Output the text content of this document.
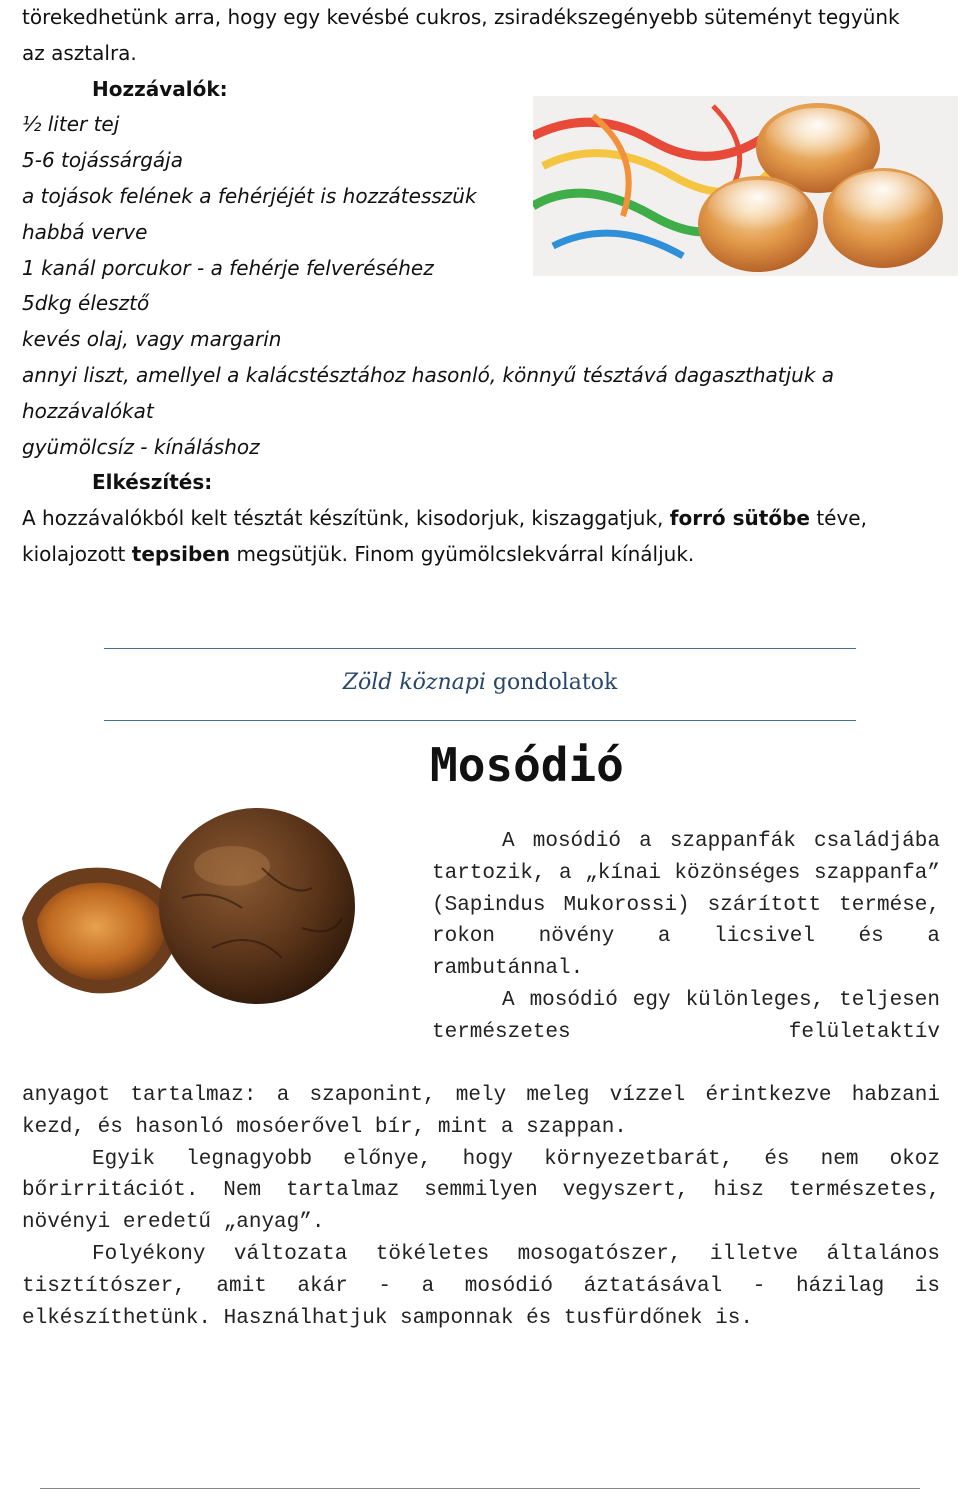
törekedhetünk arra, hogy egy kevésbé cukros, zsiradékszegényebb süteményt tegyünk

az asztalra.

Hozzávalók:

½ liter tej

5-6 tojássárgája

a tojások felének a fehérjéjét is hozzátesszük

habbá verve

1 kanál porcukor - a fehérje felveréséhez

5dkg élesztő

kevés olaj, vagy margarin

annyi liszt, amellyel a kalácstésztához hasonló, könnyű tésztává dagaszthatjuk a hozzávalókat

gyümölcsíz - kínáláshoz

Elkészítés:

A hozzávalókból kelt tésztát készítünk, kisodorjuk, kiszaggatjuk, forró sütőbe téve, kiolajozott tepsiben megsütjük. Finom gyümölcslekvárral kínáljuk.

Zöld köznapi gondolatok
Mosódió

A mosódió a szappanfák családjába tartozik, a „kínai közönséges szappanfa” (Sapindus Mukorossi) szárított termése, rokon növény a licsivel és a rambutánnal.

A mosódió egy különleges, teljesen természetes felületaktív

anyagot tartalmaz: a szaponint, mely meleg vízzel érintkezve habzani kezd, és hasonló mosóerővel bír, mint a szappan.

Egyik legnagyobb előnye, hogy környezetbarát, és nem okoz bőrirritációt. Nem tartalmaz semmilyen vegyszert, hisz természetes, növényi eredetű „anyag”.

Folyékony változata tökéletes mosogatószer, illetve általános tisztítószer, amit akár - a mosódió áztatásával - házilag is elkészíthetünk. Használhatjuk samponnak és tusfürdőnek is.
